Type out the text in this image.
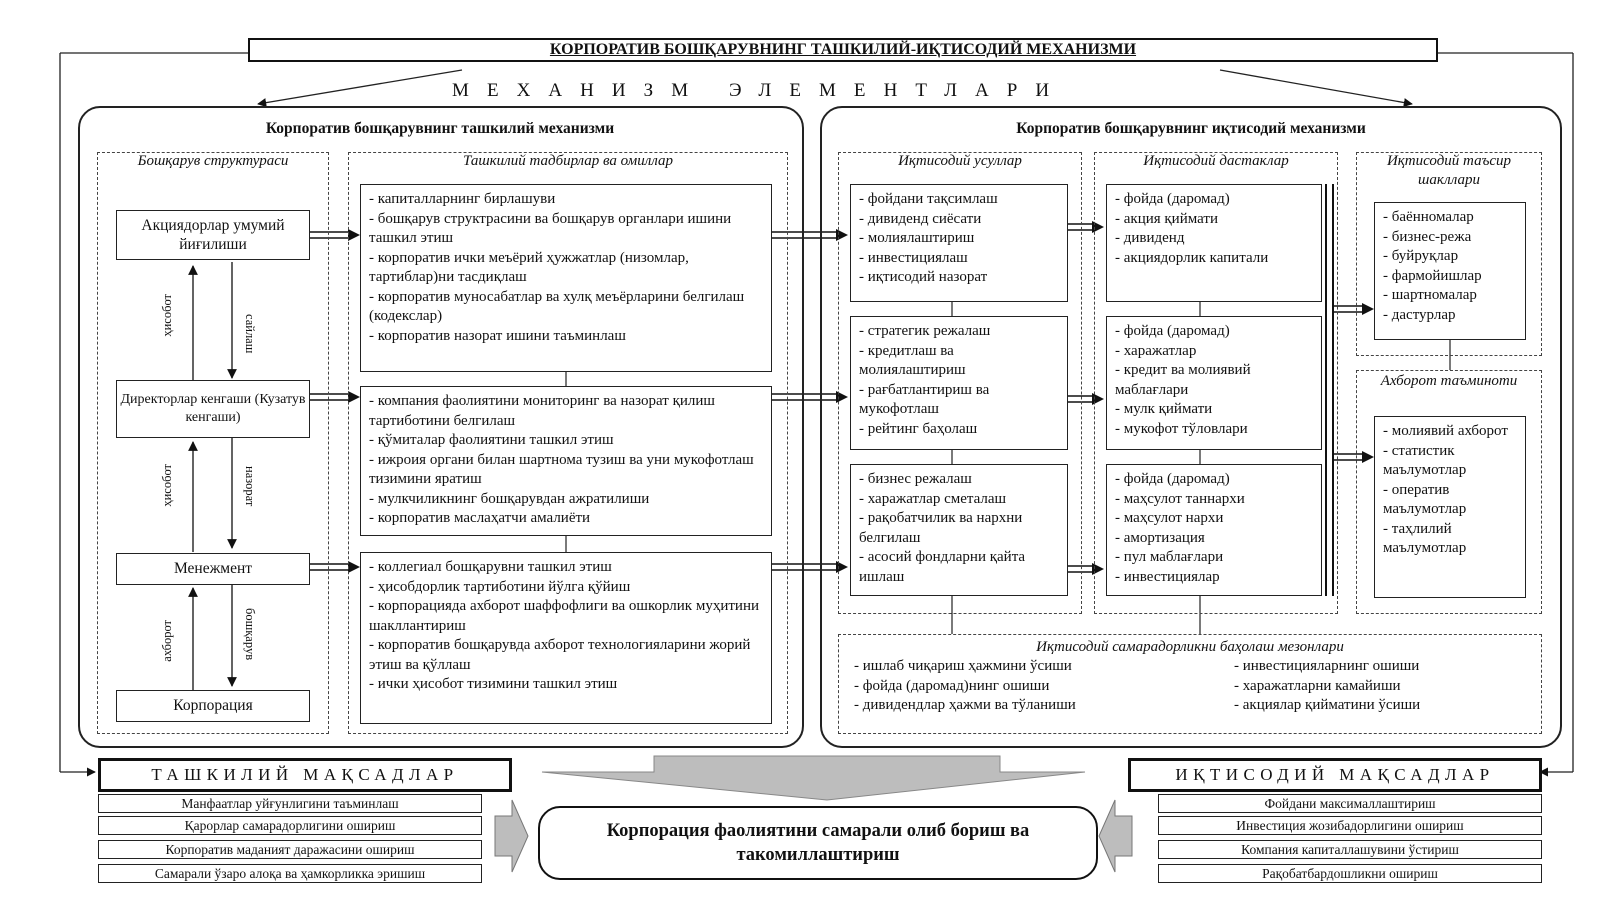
КОРПОРАТИВ БОШҚАРУВНИНГ ТАШКИЛИЙ-ИҚТИСОДИЙ МЕХАНИЗМИ
МЕХАНИЗМ ЭЛЕМЕНТЛАРИ
Корпоратив бошқарувнинг ташкилий механизми
Бошқарув структураси	Ташкилий тадбирлар ва омиллар
Акциядорлар умумий йиғилиши
Директорлар кенгаши (Кузатув кенгаши)
Менежмент
Корпорация
ҳисобот	сайлаш
ҳисобот	назорат
ахборот	бошқарув
- капиталларнинг бирлашуви
- бошқарув структрасини ва бошқарув органлари ишини ташкил этиш
- корпоратив ички меъёрий ҳужжатлар (низомлар, тартиблар)ни тасдиқлаш
- корпоратив муносабатлар ва хулқ меъёрларини белгилаш (кодекслар)
- корпоратив назорат ишини таъминлаш
- компания фаолиятини мониторинг ва назорат қилиш тартиботини белгилаш
- қўмиталар фаолиятини ташкил этиш
- ижроия органи билан шартнома тузиш ва уни мукофотлаш тизимини яратиш
- мулкчиликнинг бошқарувдан ажратилиши
- корпоратив маслаҳатчи амалиёти
- коллегиал бошқарувни ташкил этиш
- ҳисобдорлик тартиботини йўлга қўйиш
- корпорацияда ахборот шаффофлиги ва ошкорлик муҳитини шакллантириш
- корпоратив бошқарувда ахборот технологияларини жорий этиш ва қўллаш
- ички ҳисобот тизимини ташкил этиш
Корпоратив бошқарувнинг иқтисодий механизми
Иқтисодий усуллар	Иқтисодий дастаклар	Иқтисодий таъсир шакллари
Ахборот таъминоти
- фойдани тақсимлаш
- дивиденд сиёсати
- молиялаштириш
- инвестициялаш
- иқтисодий назорат
- стратегик режалаш
- кредитлаш ва молиялаштириш
- рағбатлантириш ва мукофотлаш
- рейтинг баҳолаш
- бизнес режалаш
- харажатлар сметалаш
- рақобатчилик ва нархни белгилаш
- асосий фондларни қайта ишлаш
- фойда (даромад)
- акция қиймати
- дивиденд
- акциядорлик капитали
- фойда (даромад)
- харажатлар
- кредит ва молиявий маблағлари
- мулк қиймати
- мукофот тўловлари
- фойда (даромад)
- маҳсулот таннархи
- маҳсулот нархи
- амортизация
- пул маблағлари
- инвестициялар
- баённомалар
- бизнес-режа
- буйруқлар
- фармойишлар
- шартномалар
- дастурлар
- молиявий ахборот
- статистик маълумотлар
- оператив маълумотлар
- таҳлилий маълумотлар
Иқтисодий самарадорликни баҳолаш мезонлари
- ишлаб чиқариш ҳажмини ўсиши
- фойда (даромад)нинг ошиши
- дивидендлар ҳажми ва тўланиши
- инвестицияларнинг ошиши
- харажатларни камайиши
- акциялар қийматини ўсиши
ТАШКИЛИЙ МАҚСАДЛАР
Манфаатлар уйғунлигини таъминлаш
Қарорлар самарадорлигини ошириш
Корпоратив маданият даражасини ошириш
Самарали ўзаро алоқа ва ҳамкорликка эришиш
ИҚТИСОДИЙ МАҚСАДЛАР
Фойдани максималлаштириш
Инвестиция жозибадорлигини ошириш
Компания капиталлашувини ўстириш
Рақобатбардошликни ошириш
Корпорация фаолиятини самарали олиб бориш ва такомиллаштириш
